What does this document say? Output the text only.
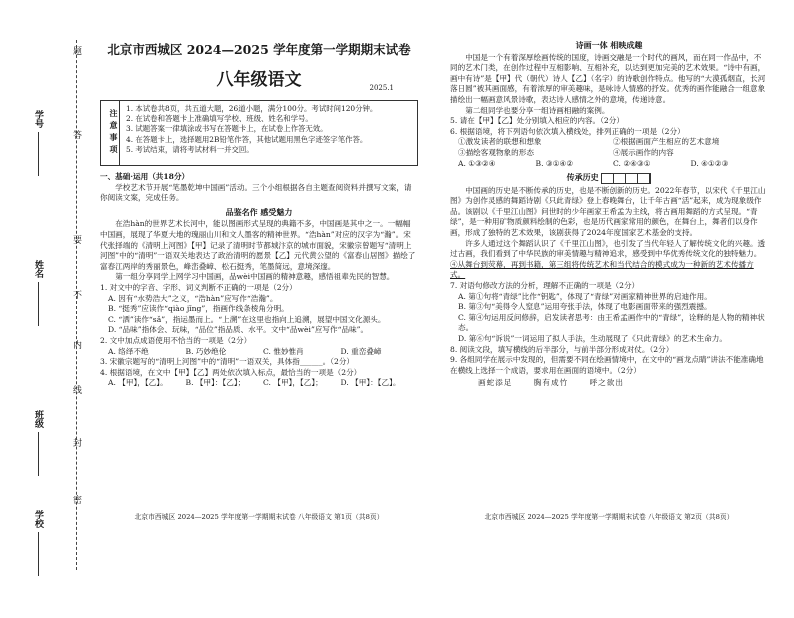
题
答
要
不
内
线
封
密
学号
姓名
班级
学校
北京市西城区 2024—2025 学年度第一学期期末试卷
八年级语文	2025.1
注意事项
1. 本试卷共8页，共五道大题，26道小题，满分100分。考试时间120分钟。
2. 在试卷和答题卡上准确填写学校、班级、姓名和学号。
3. 试题答案一律填涂或书写在答题卡上，在试卷上作答无效。
4. 在答题卡上，选择题用2B铅笔作答，其他试题用黑色字迹签字笔作答。
5. 考试结束，请将考试材料一并交回。
一、基础·运用（共18分）

学校艺术节开展“笔墨乾坤中国画”活动。三个小组根据各自主题查阅资料并撰写文案，请你阅读文案，完成任务。

品鉴名作 感受魅力

在浩hàn的世界艺术长河中，能以图画形式呈现的典籍不多，中国画是其中之一。一幅幅中国画，展现了华夏大地的瑰丽山川和文人墨客的精神世界。“浩hàn”对应的汉字为“瀚”。宋代张择端的《清明上河图》【甲】记录了清明时节都城汴京的城市面貌，宋徽宗曾题写“清明上河图”中的“清明”一语双关地表达了政治清明的愿景【乙】元代黄公望的《富春山居图》描绘了富春江两岸的秀丽景色，峰峦叠嶂、松石挺秀，笔墨简远，意境深邃。

第一组分享同学上网学习中国画，品wèi中国画的精神意趣，感悟祖辈先民的智慧。

1. 对文中的字音、字形、词义判断不正确的一项是（2分）

A. 因有“水势浩大”之义，“浩hàn”应写作“浩瀚”。

B. “挺秀”应读作“qiào jǐng”，指画作线条棱角分明。

C. “洒”读作“sǎ”，指运墨而上。“上溯”在这里也指向上追溯，展望中国文化源头。

D. “品味”指体会、玩味，“品位”指品质、水平。文中“品wèi”应写作“品味”。

2. 文中加点成语使用不恰当的一项是（2分）

A. 络绎不绝	B. 巧妙绝伦	C. 惟妙惟肖	D. 重峦叠嶂

3. 宋徽宗题写的“清明上河图”中的“清明”一语双关，具体指______。（2分）

4. 根据语境，在文中【甲】【乙】两处依次填入标点，最恰当的一项是（2分）

A. 【甲】，【乙】。	B. 【甲】：【乙】；	C. 【甲】，【乙】；	D. 【甲】：【乙】。
北京市西城区 2024—2025 学年度第一学期期末试卷 八年级语文 第1页（共8页）
诗画一体 相映成趣

中国是一个有着深厚绘画传统的国度，诗画交融是一个时代的画风，而在同一作品中，不同的艺术门类，在创作过程中互相影响、互相补充，以达到更加完美的艺术效果。“诗中有画，画中有诗”是【甲】代（朝代）诗人【乙】（名字）的诗歌创作特点。他写的“大漠孤烟直，长河落日圆”被其画面感，有着浓厚的审美趣味，是咏诗人情感的抒发。优秀的画作能融合一组意象描绘出一幅画意风景诗歌，表达诗人感情之外的意境，传递诗意。

第二组同学也要分享一组诗画相融的案例。

5. 请在【甲】【乙】处分别填入相应的内容。（2分）

6. 根据语境，将下列语句依次填入横线处，排列正确的一项是（2分）

①激发读者的联想和想象	②根据画面产生相应的艺术意境
③描绘客观物象的形态	④展示画作的内容
A. ①③②④	B. ③①④②	C. ②④③①	D. ④①②③
传承历史

中国画的历史是不断传承的历史，也是不断创新的历史。2022年春节，以宋代《千里江山图》为创作灵感的舞蹈诗剧《只此青绿》登上春晚舞台，让千年古画“活”起来，成为现象级作品。该剧以《千里江山图》问世时的少年画家王希孟为主线，将古画用舞蹈的方式呈现。“青绿”，是一种用矿物质颜料绘制的色彩，也是历代画家常用的颜色，在舞台上，舞者们以身作画，形成了独特的艺术效果，该剧获得了2024年度国家艺术基金的支持。

许多人通过这个舞蹈认识了《千里江山图》，也引发了当代年轻人了解传统文化的兴趣。透过古画，我们看到了中华民族的审美情趣与精神追求，感受到中华优秀传统文化的独特魅力。

④从舞台到荧幕，再到书籍，第三组将传统艺术和当代结合的模式成为一种新的艺术传播方式。

7. 对语句修改方法的分析，理解不正确的一项是（2分）

A. 第①句将“青绿”比作“钥匙”，体现了“青绿”对画家精神世界的启迪作用。

B. 第③句“美得令人窒息”运用夸张手法，体现了电影画面带来的强烈震撼。

C. 第④句运用反问修辞，启发读者思考：由王希孟画作中的“青绿”，诠释的是人物的精神状态。

D. 第⑥句“诉说”一词运用了拟人手法，生动展现了《只此青绿》的艺术生命力。

8. 阅读文段，填写横线的后半部分，与前半部分形成对仗。（2分）

9. 各组同学在展示中发现的，但需要不同在绘画情境中，在文中的“画龙点睛”讲法不能准确地在横线上选择一个成语，要求用在画面的语境中。（2分）

画蛇添足	胸有成竹	呼之欲出
北京市西城区 2024—2025 学年度第一学期期末试卷 八年级语文 第2页（共8页）
